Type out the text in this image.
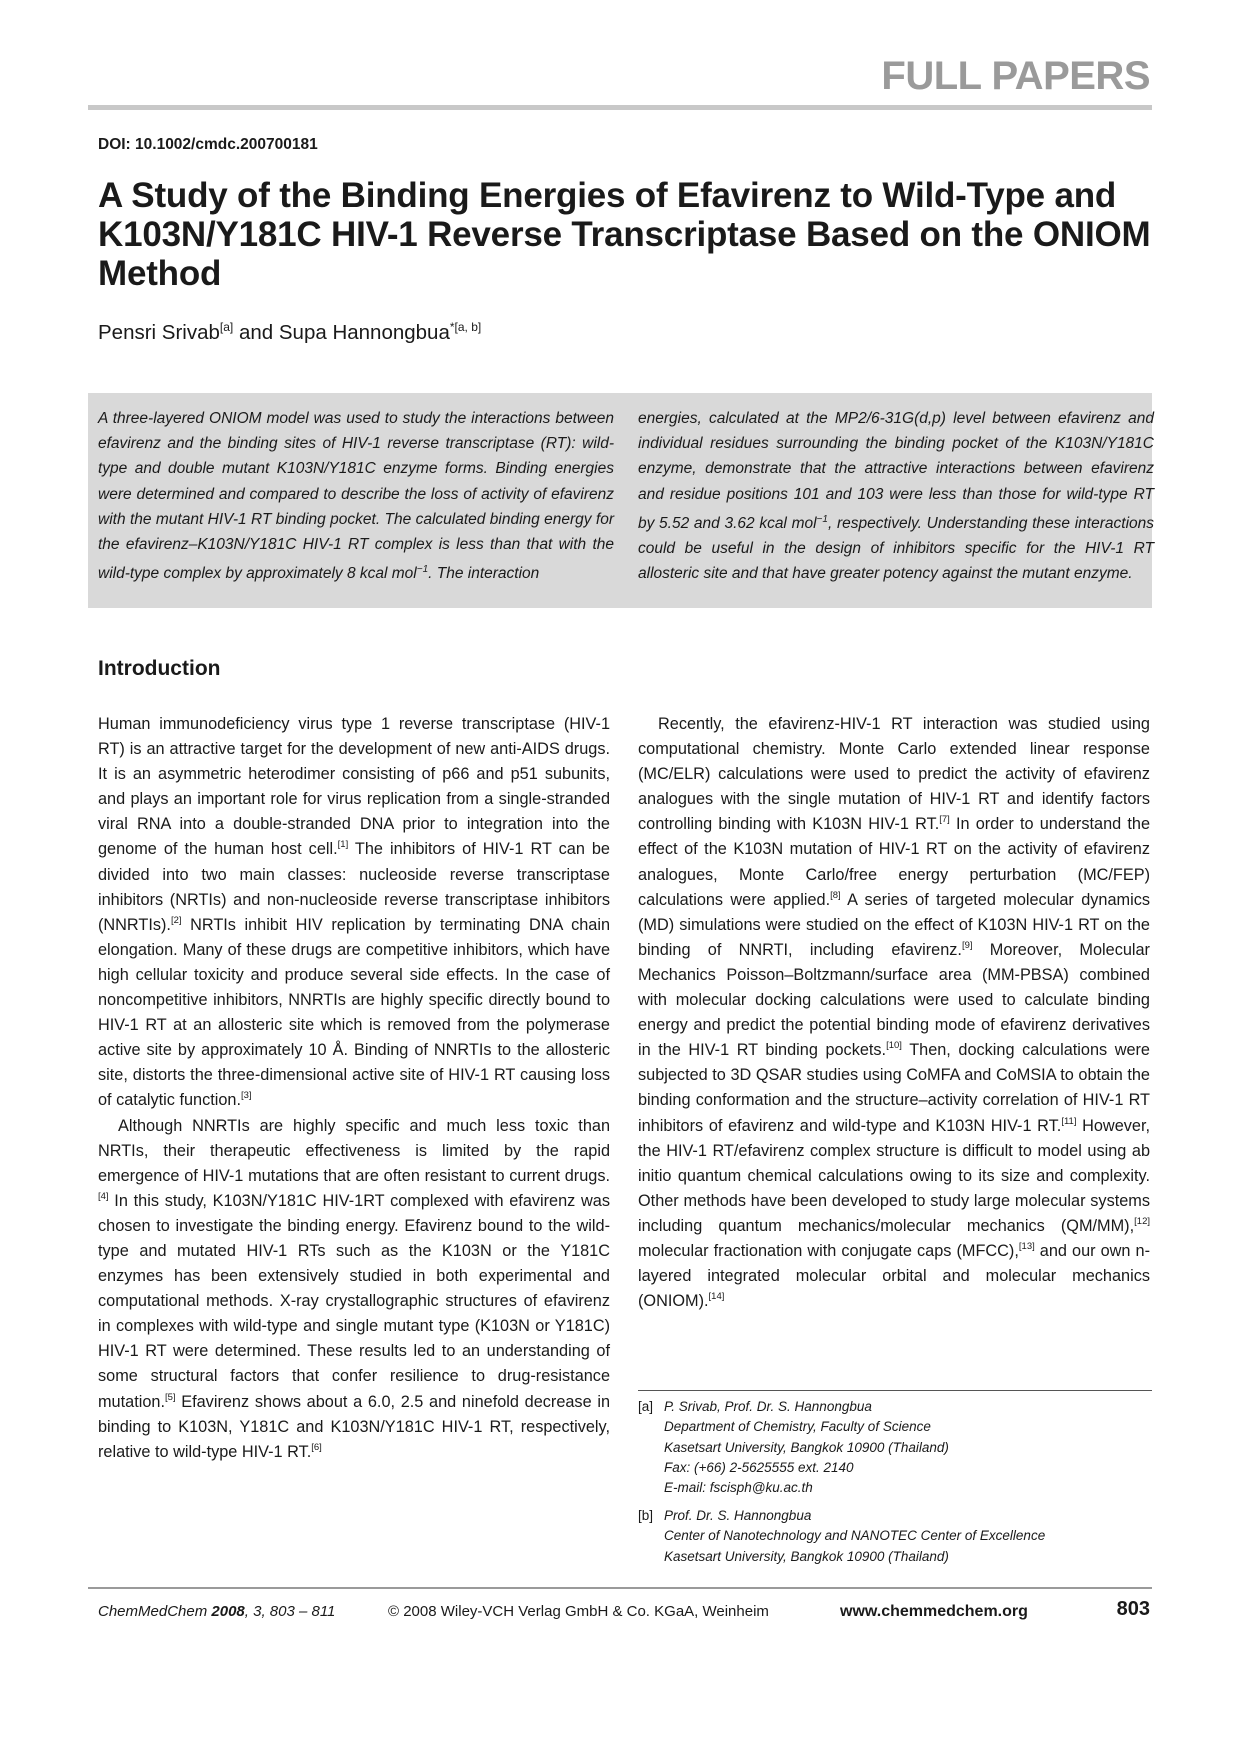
FULL PAPERS
DOI: 10.1002/cmdc.200700181
A Study of the Binding Energies of Efavirenz to Wild-Type and K103N/Y181C HIV-1 Reverse Transcriptase Based on the ONIOM Method
Pensri Srivab[a] and Supa Hannongbua$^{*[a, b]}$

A three-layered ONIOM model was used to study the interactions between efavirenz and the binding sites of HIV-1 reverse transcriptase (RT): wild-type and double mutant K103N/Y181C enzyme forms. Binding energies were determined and compared to describe the loss of activity of efavirenz with the mutant HIV-1 RT binding pocket. The calculated binding energy for the efavirenz–K103N/Y181C HIV-1 RT complex is less than that with the wild-type complex by approximately 8 kcal mol$^{-1}$. The interaction

energies, calculated at the MP2/6-31G(d,p) level between efavirenz and individual residues surrounding the binding pocket of the K103N/Y181C enzyme, demonstrate that the attractive interactions between efavirenz and residue positions 101 and 103 were less than those for wild-type RT by 5.52 and 3.62 kcal mol$^{-1}$, respectively. Understanding these interactions could be useful in the design of inhibitors specific for the HIV-1 RT allosteric site and that have greater potency against the mutant enzyme.

Introduction

Human immunodeficiency virus type 1 reverse transcriptase (HIV-1 RT) is an attractive target for the development of new anti-AIDS drugs. It is an asymmetric heterodimer consisting of p66 and p51 subunits, and plays an important role for virus replication from a single-stranded viral RNA into a double-stranded DNA prior to integration into the genome of the human host cell.[1] The inhibitors of HIV-1 RT can be divided into two main classes: nucleoside reverse transcriptase inhibitors (NRTIs) and non-nucleoside reverse transcriptase inhibitors (NNRTIs).[2] NRTIs inhibit HIV replication by terminating DNA chain elongation. Many of these drugs are competitive inhibitors, which have high cellular toxicity and produce several side effects. In the case of noncompetitive inhibitors, NNRTIs are highly specific directly bound to HIV-1 RT at an allosteric site which is removed from the polymerase active site by approximately 10 Å. Binding of NNRTIs to the allosteric site, distorts the three-dimensional active site of HIV-1 RT causing loss of catalytic function.[3]

Although NNRTIs are highly specific and much less toxic than NRTIs, their therapeutic effectiveness is limited by the rapid emergence of HIV-1 mutations that are often resistant to current drugs.[4] In this study, K103N/Y181C HIV-1RT complexed with efavirenz was chosen to investigate the binding energy. Efavirenz bound to the wild-type and mutated HIV-1 RTs such as the K103N or the Y181C enzymes has been extensively studied in both experimental and computational methods. X-ray crystallographic structures of efavirenz in complexes with wild-type and single mutant type (K103N or Y181C) HIV-1 RT were determined. These results led to an understanding of some structural factors that confer resilience to drug-resistance mutation.[5] Efavirenz shows about a 6.0, 2.5 and ninefold decrease in binding to K103N, Y181C and K103N/Y181C HIV-1 RT, respectively, relative to wild-type HIV-1 RT.[6]

Recently, the efavirenz-HIV-1 RT interaction was studied using computational chemistry. Monte Carlo extended linear response (MC/ELR) calculations were used to predict the activity of efavirenz analogues with the single mutation of HIV-1 RT and identify factors controlling binding with K103N HIV-1 RT.[7] In order to understand the effect of the K103N mutation of HIV-1 RT on the activity of efavirenz analogues, Monte Carlo/free energy perturbation (MC/FEP) calculations were applied.[8] A series of targeted molecular dynamics (MD) simulations were studied on the effect of K103N HIV-1 RT on the binding of NNRTI, including efavirenz.[9] Moreover, Molecular Mechanics Poisson–Boltzmann/surface area (MM-PBSA) combined with molecular docking calculations were used to calculate binding energy and predict the potential binding mode of efavirenz derivatives in the HIV-1 RT binding pockets.[10] Then, docking calculations were subjected to 3D QSAR studies using CoMFA and CoMSIA to obtain the binding conformation and the structure–activity correlation of HIV-1 RT inhibitors of efavirenz and wild-type and K103N HIV-1 RT.[11] However, the HIV-1 RT/efavirenz complex structure is difficult to model using ab initio quantum chemical calculations owing to its size and complexity. Other methods have been developed to study large molecular systems including quantum mechanics/molecular mechanics (QM/MM),[12] molecular fractionation with conjugate caps (MFCC),[13] and our own n-layered integrated molecular orbital and molecular mechanics (ONIOM).[14]

[a] P. Srivab, Prof. Dr. S. Hannongbua
Department of Chemistry, Faculty of Science
Kasetsart University, Bangkok 10900 (Thailand)
Fax: (+66) 2-5625555 ext. 2140
E-mail: fscisph@ku.ac.th
[b] Prof. Dr. S. Hannongbua
Center of Nanotechnology and NANOTEC Center of Excellence
Kasetsart University, Bangkok 10900 (Thailand)
ChemMedChem 2008, 3, 803 – 811	© 2008 Wiley-VCH Verlag GmbH & Co. KGaA, Weinheim	www.chemmedchem.org	803
